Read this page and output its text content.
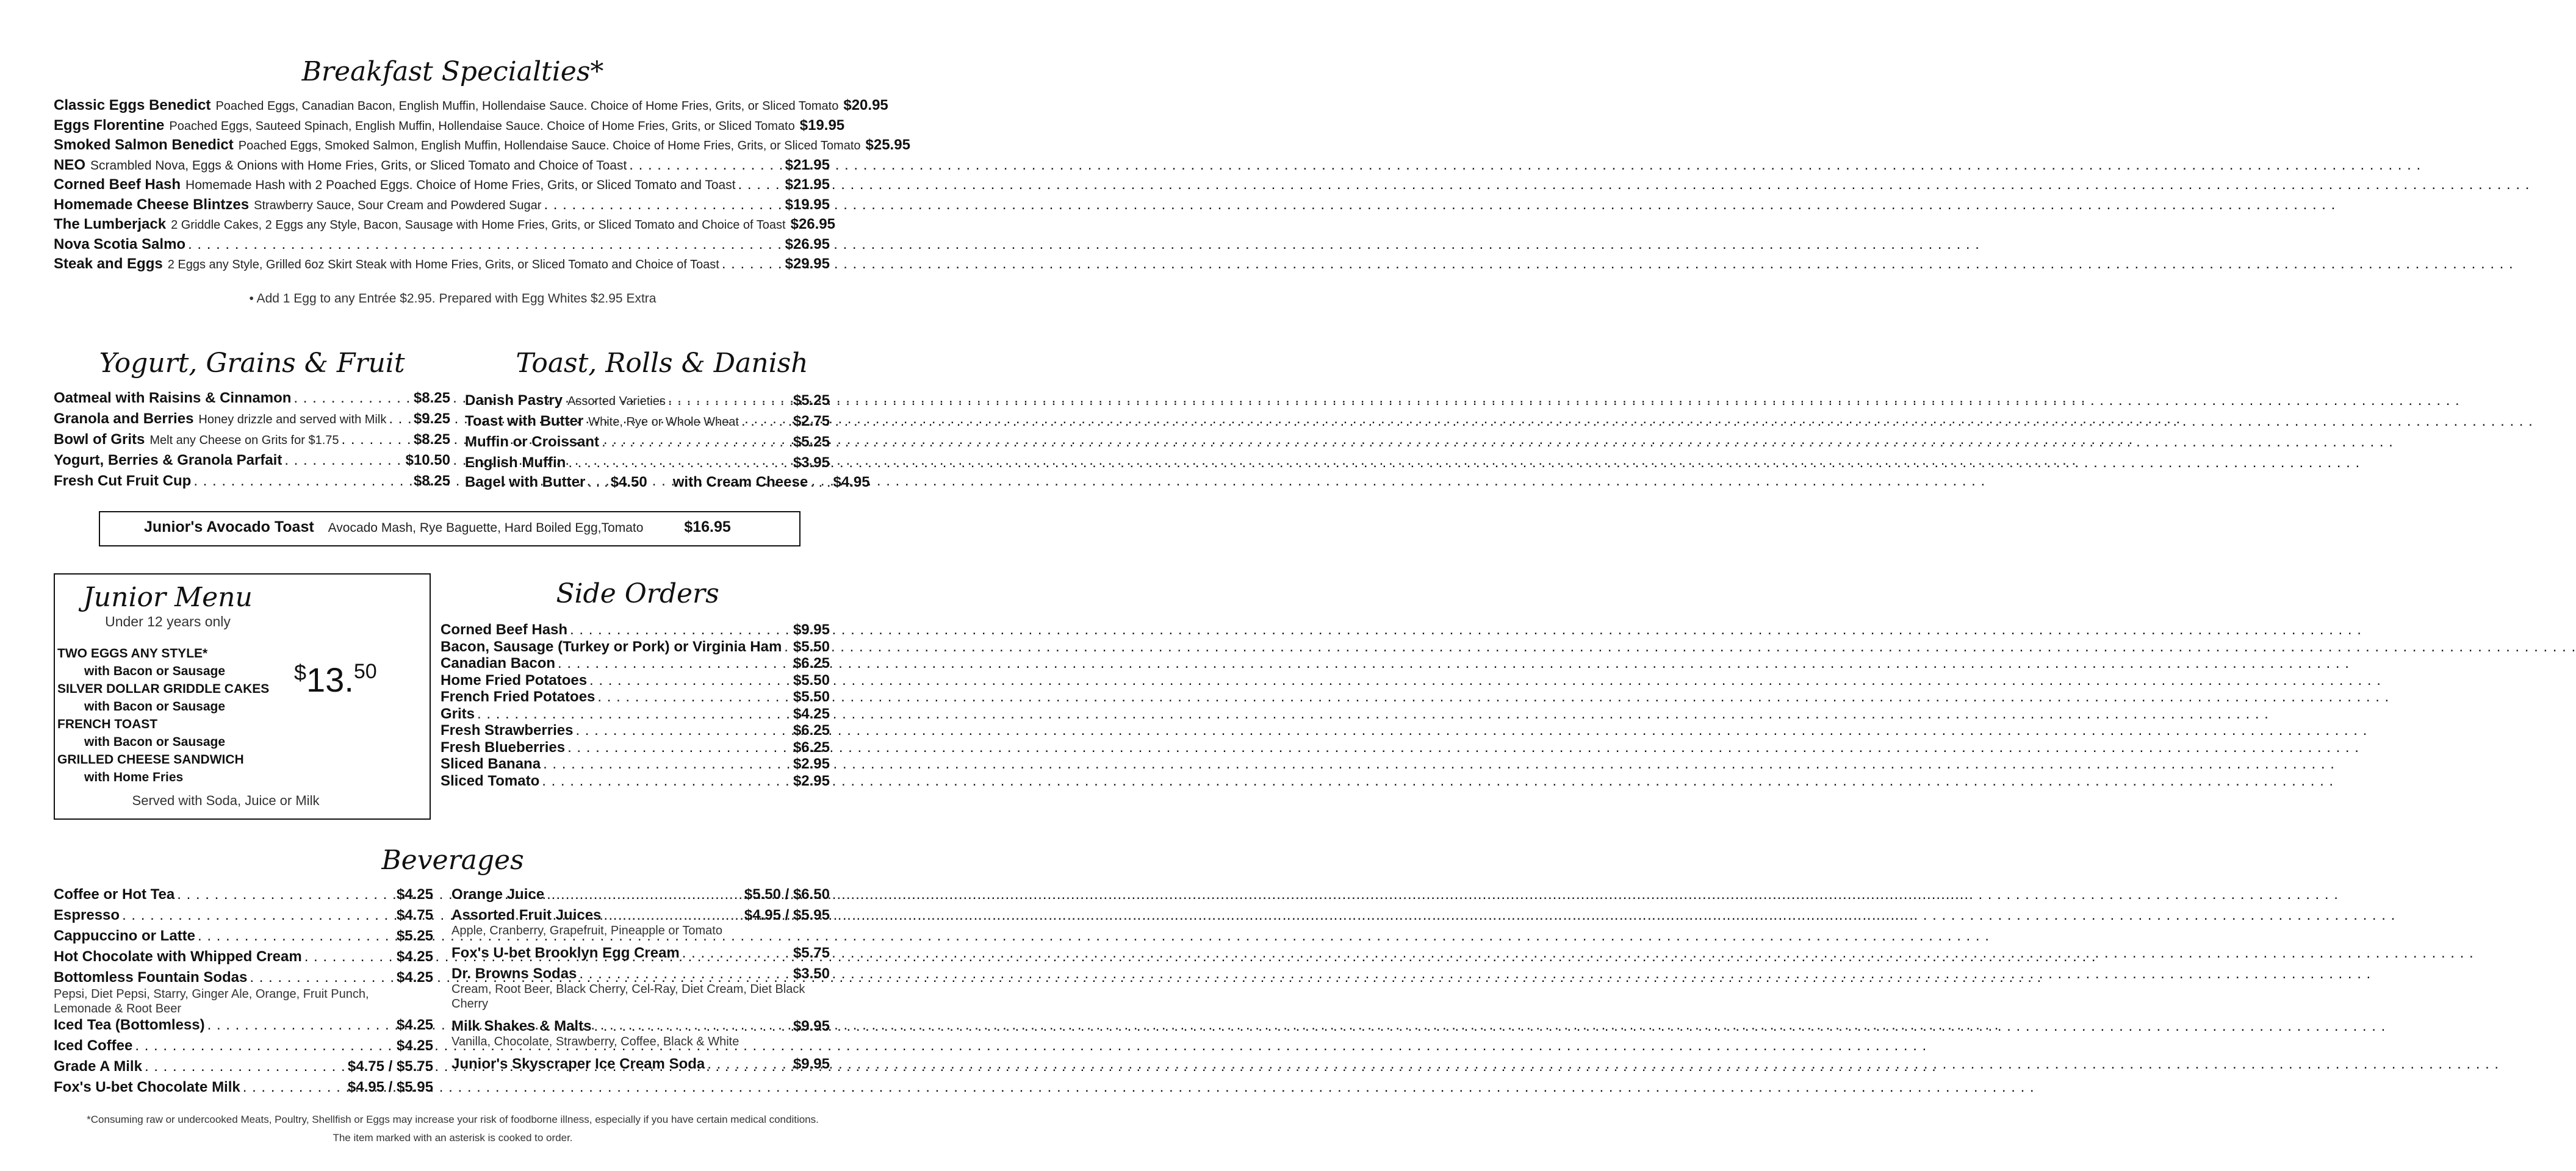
Breakfast Specialties*
• Add 1 Egg to any Entrée $2.95. Prepared with Egg Whites $2.95 Extra
Yogurt, Grains & Fruit	Toast, Rolls & Danish
Bagel with Butter . . . $4.50 with Cream Cheese . . . $4.95
Junior's Avocado Toast Avocado Mash, Rye Baguette, Hard Boiled Egg,Tomato	$16.95
Junior Menu
Under 12 years only
TWO EGGS ANY STYLE*
with Bacon or Sausage
SILVER DOLLAR GRIDDLE CAKES
with Bacon or Sausage
FRENCH TOAST
with Bacon or Sausage
GRILLED CHEESE SANDWICH
with Home Fries
$13.50
Served with Soda, Juice or Milk
Side Orders
Beverages
*Consuming raw or undercooked Meats, Poultry, Shellfish or Eggs may increase your risk of foodborne illness, especially if you have certain medical conditions.
The item marked with an asterisk is cooked to order.
Classic Eggs Benedict Poached Eggs, Canadian Bacon, English Muffin, Hollendaise Sauce. Choice of Home Fries, Grits, or Sliced Tomato $20.95
Eggs Florentine Poached Eggs, Sauteed Spinach, English Muffin, Hollendaise Sauce. Choice of Home Fries, Grits, or Sliced Tomato $19.95
Smoked Salmon Benedict Poached Eggs, Smoked Salmon, English Muffin, Hollendaise Sauce. Choice of Home Fries, Grits, or Sliced Tomato $25.95
NEO Scrambled Nova, Eggs & Onions with Home Fries, Grits, or Sliced Tomato and Choice of Toast . . .	$21.95
Corned Beef Hash Homemade Hash with 2 Poached Eggs. Choice of Home Fries, Grits, or Sliced Tomato and Toast . . .	$21.95
Homemade Cheese Blintzes Strawberry Sauce, Sour Cream and Powdered Sugar . . .	$19.95
The Lumberjack 2 Griddle Cakes, 2 Eggs any Style, Bacon, Sausage with Home Fries, Grits, or Sliced Tomato and Choice of Toast $26.95
Nova Scotia Salmo . . .	$26.95
Steak and Eggs 2 Eggs any Style, Grilled 6oz Skirt Steak with Home Fries, Grits, or Sliced Tomato and Choice of Toast . . .	$29.95
Oatmeal with Raisins & Cinnamon . . .	$8.25
Granola and Berries Honey drizzle and served with Milk . . . $9.25
Bowl of Grits Melt any Cheese on Grits for $1.75 . . .	$8.25
Yogurt, Berries & Granola Parfait . . .	$10.50
Fresh Cut Fruit Cup . . .	$8.25
Danish Pastry Assorted Varieties . . .	$5.25
Toast with Butter White, Rye or Whole Wheat . . .	$2.75
Muffin or Croissant . . .	$5.25
English Muffin . . .	$3.95
Corned Beef Hash . . .	$9.95
Bacon, Sausage (Turkey or Pork) or Virginia Ham . . . $5.50
Canadian Bacon . . .	$6.25
Home Fried Potatoes . . .	$5.50
French Fried Potatoes . . .	$5.50
Grits . . .	$4.25
Fresh Strawberries . . .	$6.25
Fresh Blueberries . . .	$6.25
Sliced Banana . . .	$2.95
Sliced Tomato . . .	$2.95
Coffee or Hot Tea . . .	$4.25
Espresso . . .	$4.75
Cappuccino or Latte . . .	$5.25
Hot Chocolate with Whipped Cream . . .	$4.25
Bottomless Fountain Sodas . . .	$4.25
Pepsi, Diet Pepsi, Starry, Ginger Ale, Orange, Fruit Punch, Lemonade & Root Beer
Iced Tea (Bottomless) . . .	$4.25
Iced Coffee . . .	$4.25
Grade A Milk . . .	$4.75 / $5.75
Fox's U-bet Chocolate Milk . . .	$4.95 / $5.95
Orange Juice . . .	$5.50 / $6.50
Assorted Fruit Juices . . .	$4.95 / $5.95
Apple, Cranberry, Grapefruit, Pineapple or Tomato
Fox's U-bet Brooklyn Egg Cream . . .	$5.75
Dr. Browns Sodas . . .	$3.50
Cream, Root Beer, Black Cherry, Cel-Ray, Diet Cream, Diet Black Cherry
Milk Shakes & Malts . . .	$9.95
Vanilla, Chocolate, Strawberry, Coffee, Black & White
Junior's Skyscraper Ice Cream Soda . . .	$9.95
